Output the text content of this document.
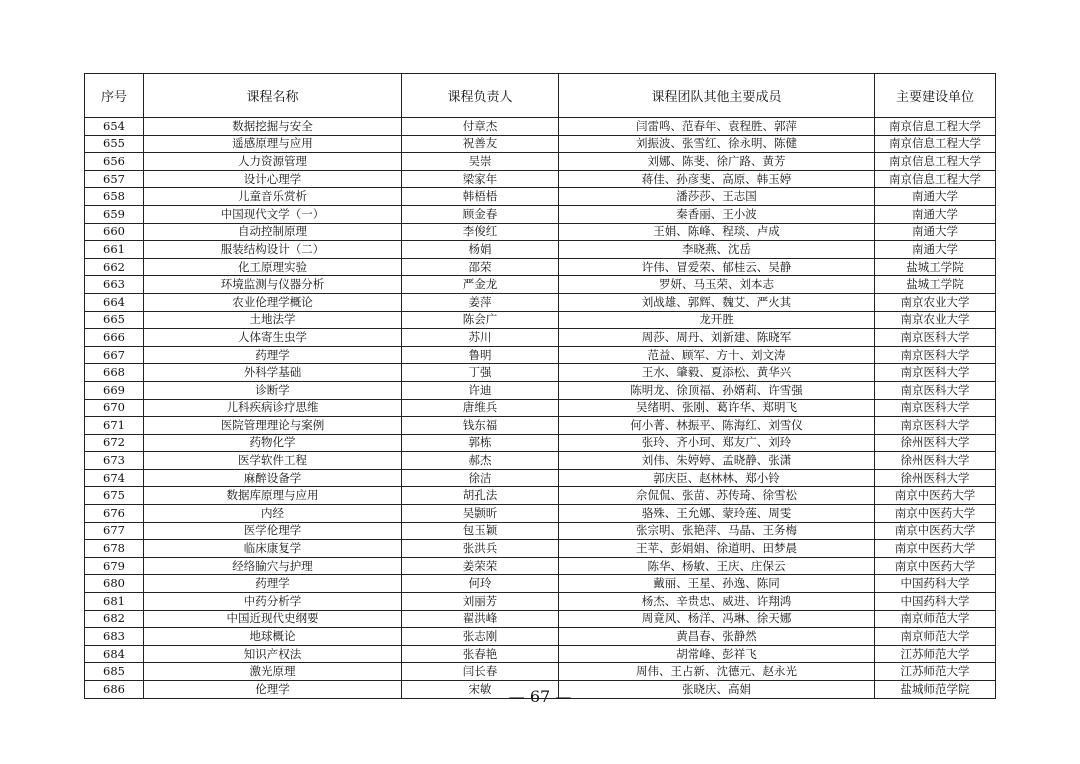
序号	课程名称	课程负责人	课程团队其他主要成员	主要建设单位
654	数据挖掘与安全	付章杰	闫雷鸣、范春年、袁程胜、郭萍	南京信息工程大学
655	遥感原理与应用	祝善友	刘振波、张雪红、徐永明、陈健	南京信息工程大学
656	人力资源管理	吴崇	刘娜、陈斐、徐广路、黄芳	南京信息工程大学
657	设计心理学	梁家年	蒋佳、孙彦斐、高原、韩玉婷	南京信息工程大学
658	儿童音乐赏析	韩梧梧	潘莎莎、王志国	南通大学
659	中国现代文学（一）	顾金春	秦香丽、王小波	南通大学
660	自动控制原理	李俊红	王娟、陈峰、程琰、卢成	南通大学
661	服装结构设计（二）	杨娟	李晓燕、沈岳	南通大学
662	化工原理实验	邵荣	许伟、冒爱荣、郁桂云、吴静	盐城工学院
663	环境监测与仪器分析	严金龙	罗妍、马玉荣、刘本志	盐城工学院
664	农业伦理学概论	姜萍	刘战雄、郭辉、魏艾、严火其	南京农业大学
665	土地法学	陈会广	龙开胜	南京农业大学
666	人体寄生虫学	苏川	周莎、周丹、刘新建、陈晓军	南京医科大学
667	药理学	鲁明	范益、顾军、方十、刘文涛	南京医科大学
668	外科学基础	丁强	王水、肇毅、夏添松、黄华兴	南京医科大学
669	诊断学	许迪	陈明龙、徐顶福、孙婿莉、许雪强	南京医科大学
670	儿科疾病诊疗思维	唐维兵	吴绪明、张刚、葛许华、郑明飞	南京医科大学
671	医院管理理论与案例	钱东福	何小菁、林振平、陈海红、刘雪仪	南京医科大学
672	药物化学	郭栋	张玲、齐小珂、郑友广、刘玲	徐州医科大学
673	医学软件工程	郝杰	刘伟、朱婷婷、孟晓静、张潇	徐州医科大学
674	麻醉设备学	徐洁	郭庆臣、赵林林、郑小铃	徐州医科大学
675	数据库原理与应用	胡孔法	佘侃侃、张苗、苏传琦、徐雪松	南京中医药大学
676	内经	吴颢昕	骆殊、王允娜、蒙玲莲、周雯	南京中医药大学
677	医学伦理学	包玉颖	张宗明、张艳萍、马晶、王务梅	南京中医药大学
678	临床康复学	张洪兵	王苹、彭娟娟、徐道明、田梦晨	南京中医药大学
679	经络腧穴与护理	姜荣荣	陈华、杨敏、王庆、庄保云	南京中医药大学
680	药理学	何玲	戴丽、王星、孙逸、陈同	中国药科大学
681	中药分析学	刘丽芳	杨杰、辛贵忠、威进、许翔鸿	中国药科大学
682	中国近现代史纲要	翟洪峰	周竟风、杨洋、冯琳、徐天娜	南京师范大学
683	地球概论	张志刚	黄昌春、张静然	南京师范大学
684	知识产权法	张春艳	胡常峰、彭祥飞	江苏师范大学
685	激光原理	闫长春	周伟、王占新、沈德元、赵永光	江苏师范大学
686	伦理学	宋敏	张晓庆、高娟	盐城师范学院
— 67 —
